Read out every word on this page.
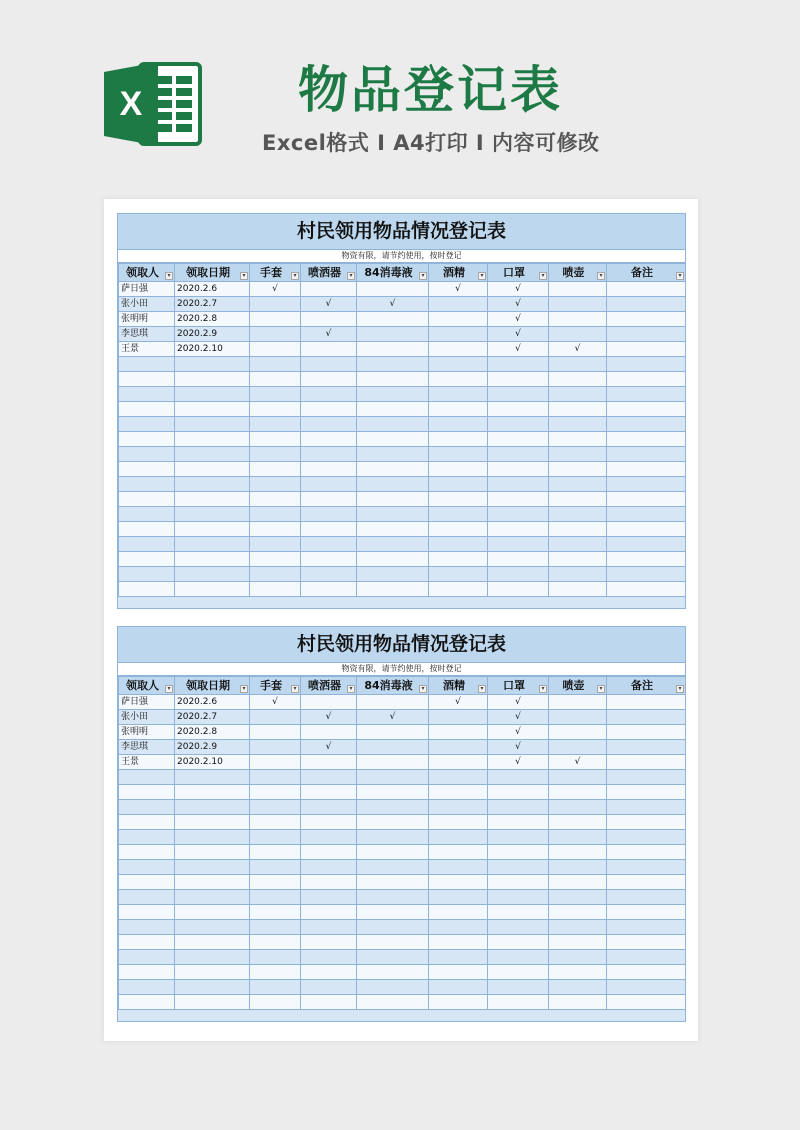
X	物品登记表

Excel格式 I A4打印 I 内容可修改

村民领用物品情况登记表
物资有限，请节约使用，按时登记
领取人 ▾	领取日期 ▾	手套 ▾	喷洒器 ▾	84消毒液 ▾	酒精 ▾	口罩 ▾	喷壶 ▾	备注 ▾

萨日强	2020.2.6	√			√	√		
张小田	2020.2.7		√	√		√		
张明明	2020.2.8					√		
李思琪	2020.2.9		√			√		
王景	2020.2.10					√	√	

村民领用物品情况登记表
物资有限，请节约使用，按时登记
领取人 ▾	领取日期 ▾	手套 ▾	喷洒器 ▾	84消毒液 ▾	酒精 ▾	口罩 ▾	喷壶 ▾	备注 ▾

萨日强	2020.2.6	√			√	√		
张小田	2020.2.7		√	√		√		
张明明	2020.2.8					√		
李思琪	2020.2.9		√			√		
王景	2020.2.10					√	√	
